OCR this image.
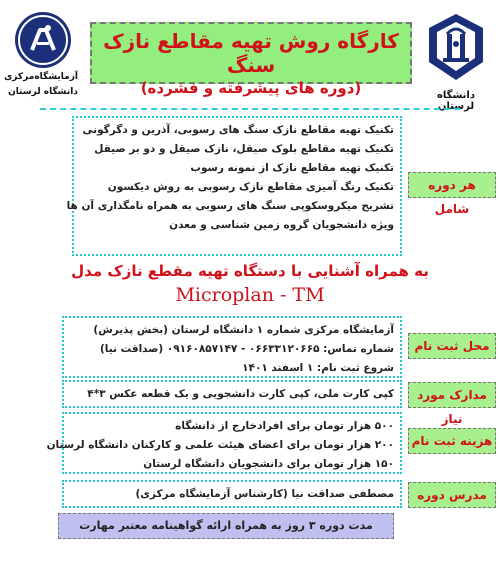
آزمایشگاه‌مرکزی
دانشگاه لرستان	دانشگاه لرستان
کارگاه روش تهیه مقاطع نازک سنگ
(دوره های پیشرفته و فشرده)
هر دوره شامل
تکنیک تهیه مقاطع نازک سنگ های رسوبی، آذرین و دگرگونی
تکنیک تهیه مقاطع بلوک صیقل، نازک صیقل و دو بر صیقل
تکنیک تهیه مقاطع نازک از نمونه رسوب
تکنیک رنگ آمیزی مقاطع نازک رسوبی به روش دیکسون
تشریح میکروسکوپی سنگ های رسوبی به همراه نامگذاری آن ها
ویژه دانشجویان گروه زمین شناسی و معدن
به همراه آشنایی با دستگاه تهیه مقطع نازک مدل
Microplan - TM
محل ثبت نام
آزمایشگاه مرکزی شماره ۱ دانشگاه لرستان (بخش پذیرش)
شماره تماس: ۰۶۶۳۳۱۲۰۶۶۵ - ۰۹۱۶۰۸۵۷۱۴۷ (صداقت نیا)
شروع ثبت نام: ۱ اسفند ۱۴۰۱
مدارک مورد نیاز
کپی کارت ملی، کپی کارت دانشجویی و یک قطعه عکس ۳*۴
هزینه ثبت نام
۵۰۰ هزار تومان برای افرادخارج از دانشگاه
۲۰۰ هزار تومان برای اعضای هیئت علمی و کارکنان دانشگاه لرستان
۱۵۰ هزار تومان برای دانشجویان دانشگاه لرستان
مدرس دوره
مصطفی صداقت نیا (کارشناس آزمایشگاه مرکزی)
مدت دوره ۳ روز به همراه ارائه گواهینامه معتبر مهارت
